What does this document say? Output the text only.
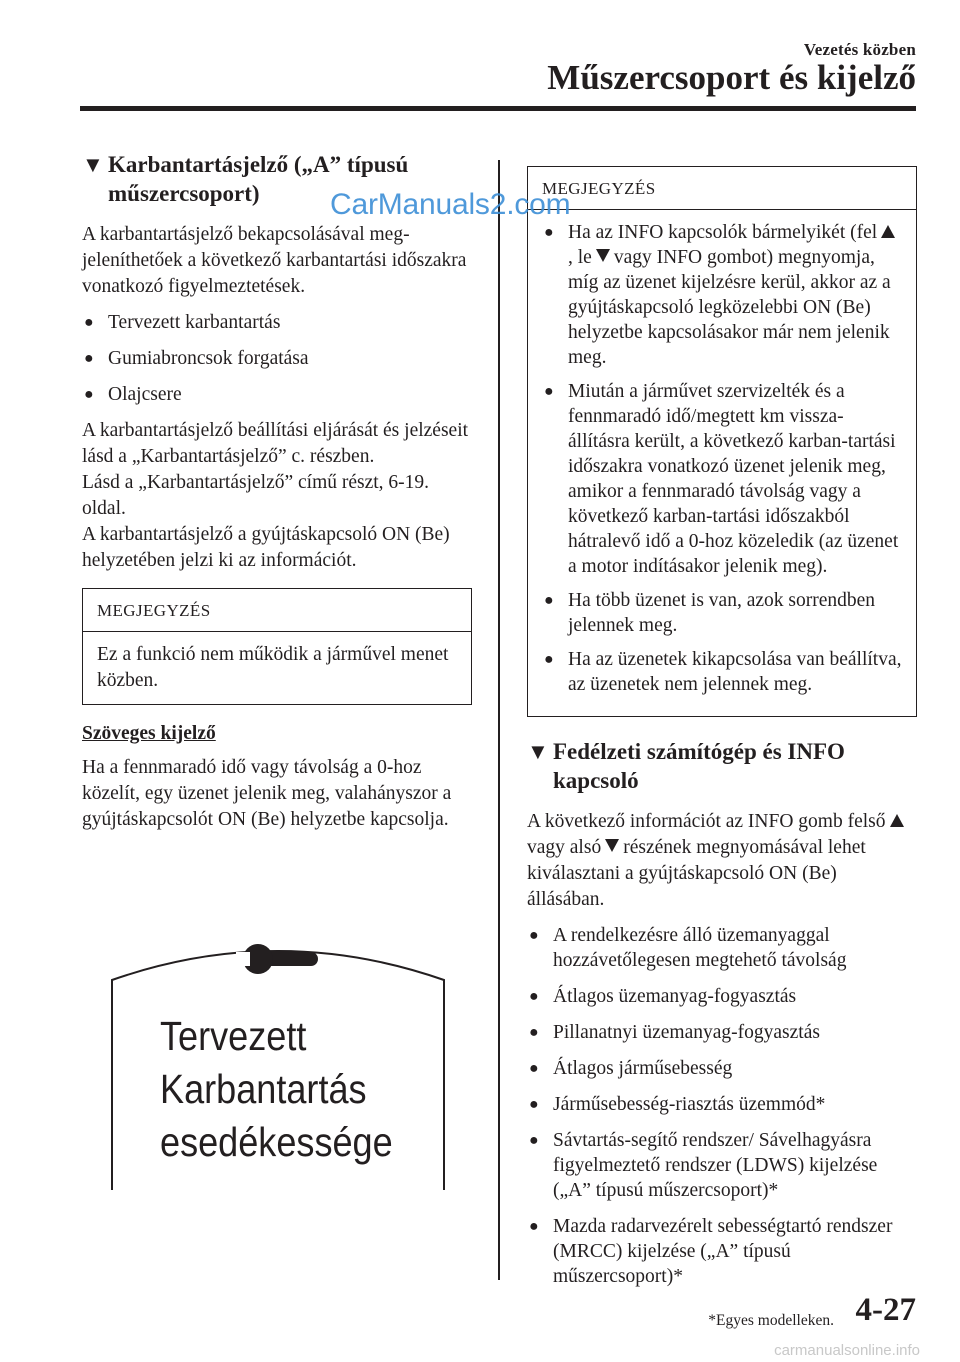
Vezetés közben
Műszercsoport és kijelző
▼ Karbantartásjelző („A” típusú
műszercsoport)

A karbantartásjelző bekapcsolásával meg-jeleníthetőek a következő karbantartási időszakra vonatkozó figyelmeztetések.

● Tervezett karbantartás
● Gumiabroncsok forgatása
● Olajcsere

A karbantartásjelző beállítási eljárását és jelzéseit lásd a „Karbantartásjelző” c. részben.

Lásd a „Karbantartásjelző” című részt, 6-19. oldal.

A karbantartásjelző a gyújtáskapcsoló ON (Be) helyzetében jelzi ki az információt.

MEGJEGYZÉS
Ez a funkció nem működik a járművel menet közben.
Szöveges kijelző

Ha a fennmaradó idő vagy távolság a 0-hoz közelít, egy üzenet jelenik meg, valahányszor a gyújtáskapcsolót ON (Be) helyzetbe kapcsolja.

Tervezett
Karbantartás
esedékessége
MEGJEGYZÉS
● Ha az INFO kapcsolók bármelyikét (fel, le vagy INFO gombot) megnyomja, míg az üzenet kijelzésre kerül, akkor az a gyújtáskapcsoló legközelebbi ON (Be) helyzetbe kapcsolásakor már nem jelenik meg.
● Miután a járművet szervizelték és a fennmaradó idő/megtett km vissza-állításra került, a következő karban-tartási időszakra vonatkozó üzenet jelenik meg, amikor a fennmaradó távolság vagy a következő karban-tartási időszakból hátralevő idő a 0-hoz közeledik (az üzenet a motor indításakor jelenik meg).
● Ha több üzenet is van, azok sorrendben jelennek meg.
● Ha az üzenetek kikapcsolása van beállítva, az üzenetek nem jelennek meg.
▼ Fedélzeti számítógép és INFO
kapcsoló

A következő információt az INFO gomb felsővagy alsó részének megnyomásával lehet kiválasztani a gyújtáskapcsoló ON (Be) állásában.

● A rendelkezésre álló üzemanyaggal hozzávetőlegesen megtehető távolság
● Átlagos üzemanyag-fogyasztás
● Pillanatnyi üzemanyag-fogyasztás
● Átlagos járműsebesség
● Járműsebesség-riasztás üzemmód*
● Sávtartás-segítő rendszer/ Sávelhagyásra figyelmeztető rendszer (LDWS) kijelzése („A” típusú műszercsoport)*
● Mazda radarvezérelt sebességtartó rendszer (MRCC) kijelzése („A” típusú műszercsoport)*
CarManuals2.com
*Egyes modelleken. 4-27
carmanualsonline.info
